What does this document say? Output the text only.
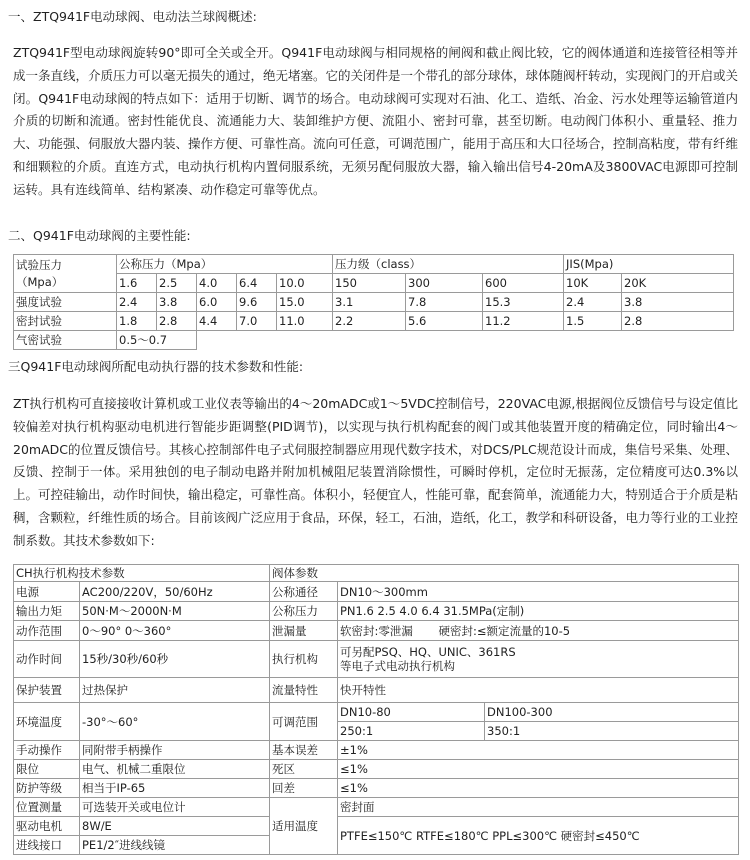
一、ZTQ941F电动球阀、电动法兰球阀概述:
ZTQ941F型电动球阀旋转90°即可全关或全开。Q941F电动球阀与相同规格的闸阀和截止阀比较，它的阀体通道和连接管径相等并成一条直线，介质压力可以毫无损失的通过，绝无堵塞。它的关闭件是一个带孔的部分球体，球体随阀杆转动，实现阀门的开启或关闭。Q941F电动球阀的特点如下：适用于切断、调节的场合。电动球阀可实现对石油、化工、造纸、冶金、污水处理等运输管道内介质的切断和流通。密封性能优良、流通能力大、装卸维护方便、流阻小、密封可靠，甚至切断。电动阀门体积小、重量轻、推力大、功能强、伺服放大器内装、操作方便、可靠性高。流向可任意，可调范围广，能用于高压和大口径场合，控制高粘度，带有纤维和细颗粒的介质。直连方式，电动执行机构内置伺服系统，无须另配伺服放大器，输入输出信号4-20mA及3800VAC电源即可控制运转。具有连线简单、结构紧凑、动作稳定可靠等优点。
二、Q941F电动球阀的主要性能:
试验压力
（Mpa）	公称压力（Mpa）					压力级（class）			JIS(Mpa)	
	1.6	2.5	4.0	6.4	10.0	150	300	600	10K	20K
强度试验	2.4	3.8	6.0	9.6	15.0	3.1	7.8	15.3	2.4	3.8
密封试验	1.8	2.8	4.4	7.0	11.0	2.2	5.6	11.2	1.5	2.8
气密试验	0.5～0.7									
三Q941F电动球阀所配电动执行器的技术参数和性能:
ZT执行机构可直接接收计算机或工业仪表等输出的4～20mADC或1～5VDC控制信号，220VAC电源,根据阀位反馈信号与设定值比较偏差对执行机构驱动电机进行智能步距调整(PID调节)，以实现与执行机构配套的阀门或其他装置开度的精确定位，同时输出4～20mADC的位置反馈信号。其核心控制部件电子式伺服控制器应用现代数字技术，对DCS/PLC规范设计而成，集信号采集、处理、反馈、控制于一体。采用独创的电子制动电路并附加机械阻尼装置消除惯性，可瞬时停机，定位时无振荡，定位精度可达0.3%以上。可控硅输出，动作时间快，输出稳定，可靠性高。体积小，轻便宜人，性能可靠，配套简单，流通能力大，特别适合于介质是粘稠，含颗粒，纤维性质的场合。目前该阀广泛应用于食品，环保，轻工，石油，造纸，化工，教学和科研设备，电力等行业的工业控制系数。其技术参数如下:
CH执行机构技术参数		阀体参数		
电源	AC200/220V，50/60Hz	公称通径	DN10～300mm	
输出力矩	50N·M～2000N·M	公称压力	PN1.6 2.5 4.0 6.4 31.5MPa(定制)	
动作范围	0～90° 0～360°	泄漏量	软密封:零泄漏 硬密封:≤额定流量的10-5	
动作时间	15秒/30秒/60秒	执行机构	可另配PSQ、HQ、UNIC、361RS
等电子式电动执行机构	
保护装置	过热保护	流量特性	快开特性	
环境温度	-30°～60°	可调范围	DN10-80	DN100-300
			250:1	350:1
手动操作	同附带手柄操作	基本误差	±1%	
限位	电气、机械二重限位	死区	≤1%	
防护等级	相当于IP-65	回差	≤1%	
位置测量	可选装开关或电位计	适用温度	密封面	
驱动电机	8W/E		PTFE≤150℃ RTFE≤180℃ PPL≤300℃ 硬密封≤450℃	
进线接口	PE1/2″进线线镜			
